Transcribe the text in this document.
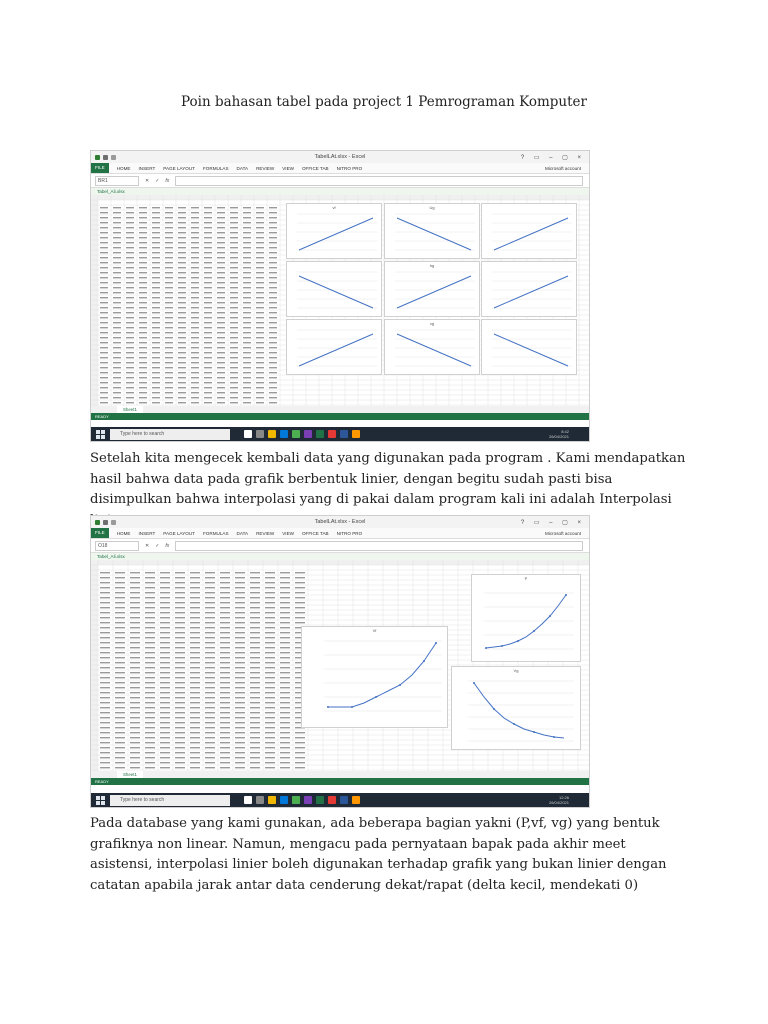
Poin bahasan tabel pada project 1 Pemrograman Komputer
TabelLAt.xlsx - Excel	? ▭ – ▢ ×
FILE	HOME INSERT PAGE LAYOUT FORMULAS DATA REVIEW VIEW OFFICE TAB NITRO PRO	Microsoft account
BR1	✕ ✓ fx
Tabel_Ali.xlsx
Sheet1
READY
Type here to search	8:42
26/04/2021
vf	Ug
hg
vg
Setelah kita mengecek kembali data yang digunakan pada program . Kami mendapatkan hasil bahwa data pada grafik berbentuk linier, dengan begitu sudah pasti bisa disimpulkan bahwa interpolasi yang di pakai dalam program kali ini adalah Interpolasi
TabelLAt.xlsx - Excel	? ▭ – ▢ ×
FILE	HOME INSERT PAGE LAYOUT FORMULAS DATA REVIEW VIEW OFFICE TAB NITRO PRO	Microsoft account
O18	✕ ✓ fx
Tabel_Ali.xlsx
P
Vf
Vg
Sheet1
READY
Type here to search	12:26
26/04/2021
Pada database yang kami gunakan, ada beberapa bagian yakni (P,vf, vg) yang bentuk grafiknya non linear. Namun, mengacu pada pernyataan bapak pada akhir meet asistensi, interpolasi linier boleh digunakan terhadap grafik yang bukan linier dengan catatan apabila jarak antar data cenderung dekat/rapat (delta kecil, mendekati 0)
